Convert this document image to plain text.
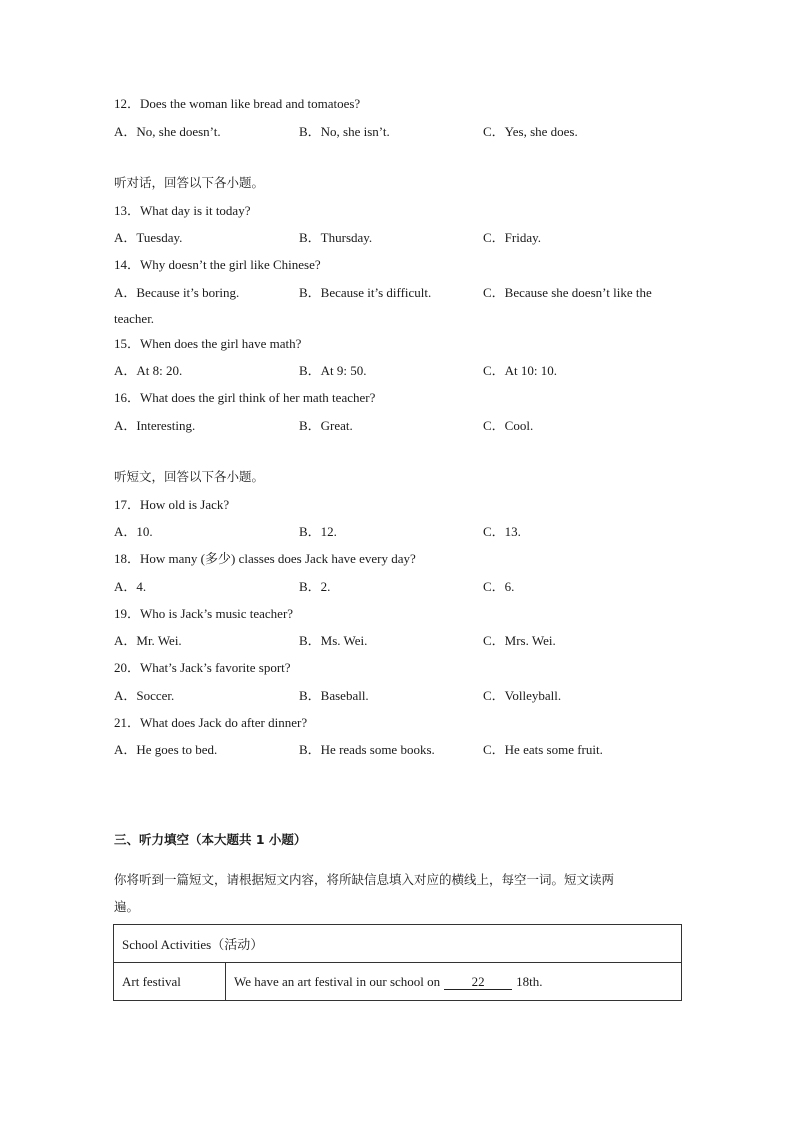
12．Does the woman like bread and tomatoes?
A．No, she doesn’t.	B．No, she isn’t.	C．Yes, she does.
听对话，回答以下各小题。
13．What day is it today?
A．Tuesday.	B．Thursday.	C．Friday.
14．Why doesn’t the girl like Chinese?
A．Because it’s boring.	B．Because it’s difficult.	C．Because she doesn’t like the
teacher.
15．When does the girl have math?
A．At 8: 20.	B．At 9: 50.	C．At 10: 10.
16．What does the girl think of her math teacher?
A．Interesting.	B．Great.	C．Cool.
听短文，回答以下各小题。
17．How old is Jack?
A．10.	B．12.	C．13.
18．How many (多少) classes does Jack have every day?
A．4.	B．2.	C．6.
19．Who is Jack’s music teacher?
A．Mr. Wei.	B．Ms. Wei.	C．Mrs. Wei.
20．What’s Jack’s favorite sport?
A．Soccer.	B．Baseball.	C．Volleyball.
21．What does Jack do after dinner?
A．He goes to bed.	B．He reads some books.	C．He eats some fruit.
三、听力填空（本大题共 1 小题）
你将听到一篇短文，请根据短文内容，将所缺信息填入对应的横线上，每空一词。短文读两
遍。
School Activities（活动）
Art festival	We have an art festival in our school on 22 18th.
